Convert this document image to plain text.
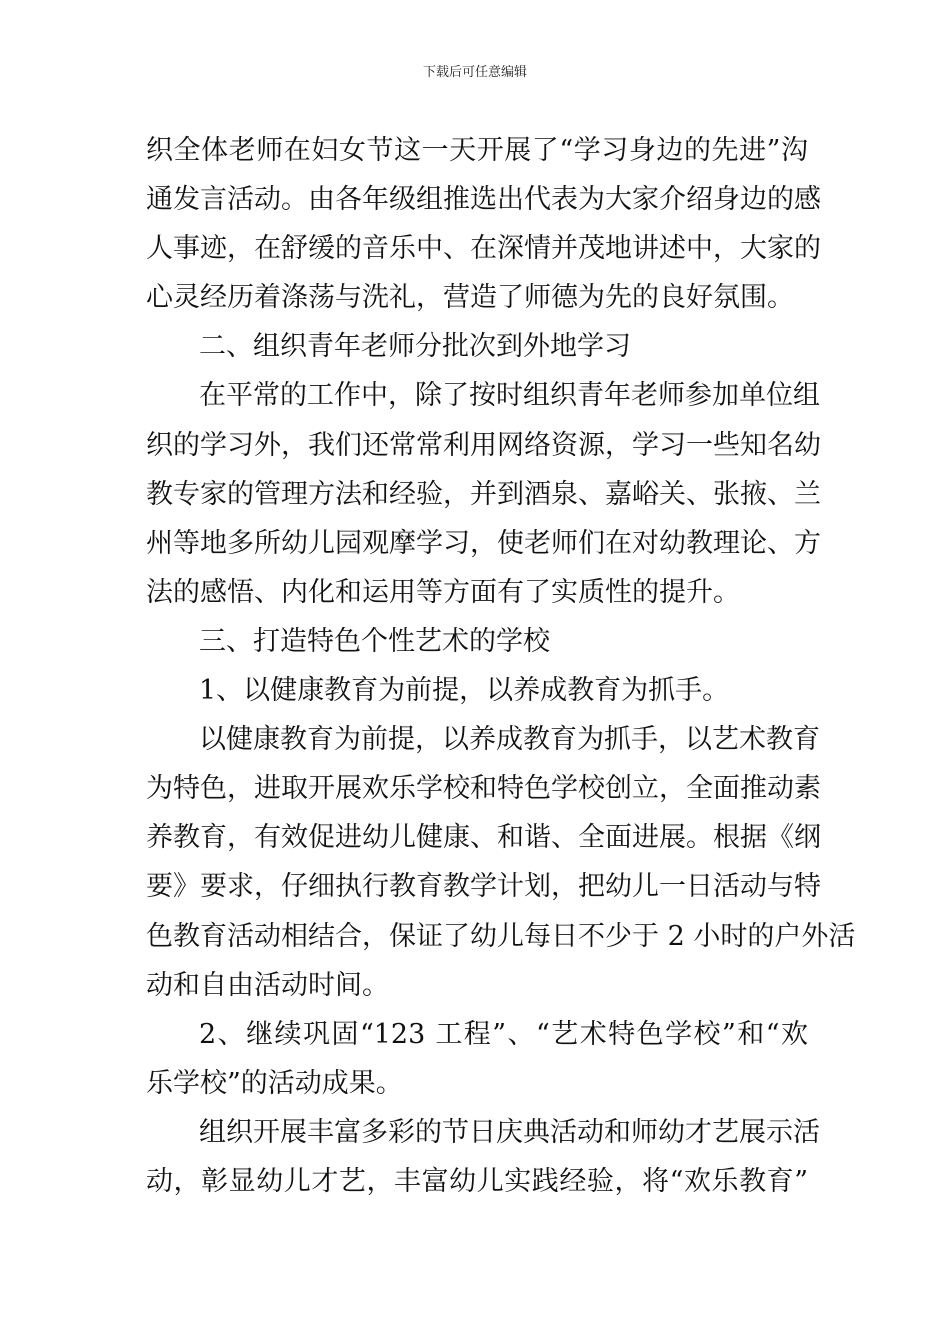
下载后可任意编辑
织全体老师在妇女节这一天开展了“学习身边的先进”沟
通发言活动。由各年级组推选出代表为大家介绍身边的感
人事迹，在舒缓的音乐中、在深情并茂地讲述中，大家的
心灵经历着涤荡与洗礼，营造了师德为先的良好氛围。
二、组织青年老师分批次到外地学习
在平常的工作中，除了按时组织青年老师参加单位组
织的学习外，我们还常常利用网络资源，学习一些知名幼
教专家的管理方法和经验，并到酒泉、嘉峪关、张掖、兰
州等地多所幼儿园观摩学习，使老师们在对幼教理论、方
法的感悟、内化和运用等方面有了实质性的提升。
三、打造特色个性艺术的学校
1、以健康教育为前提，以养成教育为抓手。
以健康教育为前提，以养成教育为抓手，以艺术教育
为特色，进取开展欢乐学校和特色学校创立，全面推动素
养教育，有效促进幼儿健康、和谐、全面进展。根据《纲
要》要求，仔细执行教育教学计划，把幼儿一日活动与特
色教育活动相结合，保证了幼儿每日不少于 2 小时的户外活
动和自由活动时间。
2、继续巩固“123 工程”、“艺术特色学校”和“欢
乐学校”的活动成果。
组织开展丰富多彩的节日庆典活动和师幼才艺展示活
动，彰显幼儿才艺，丰富幼儿实践经验，将“欢乐教育”
